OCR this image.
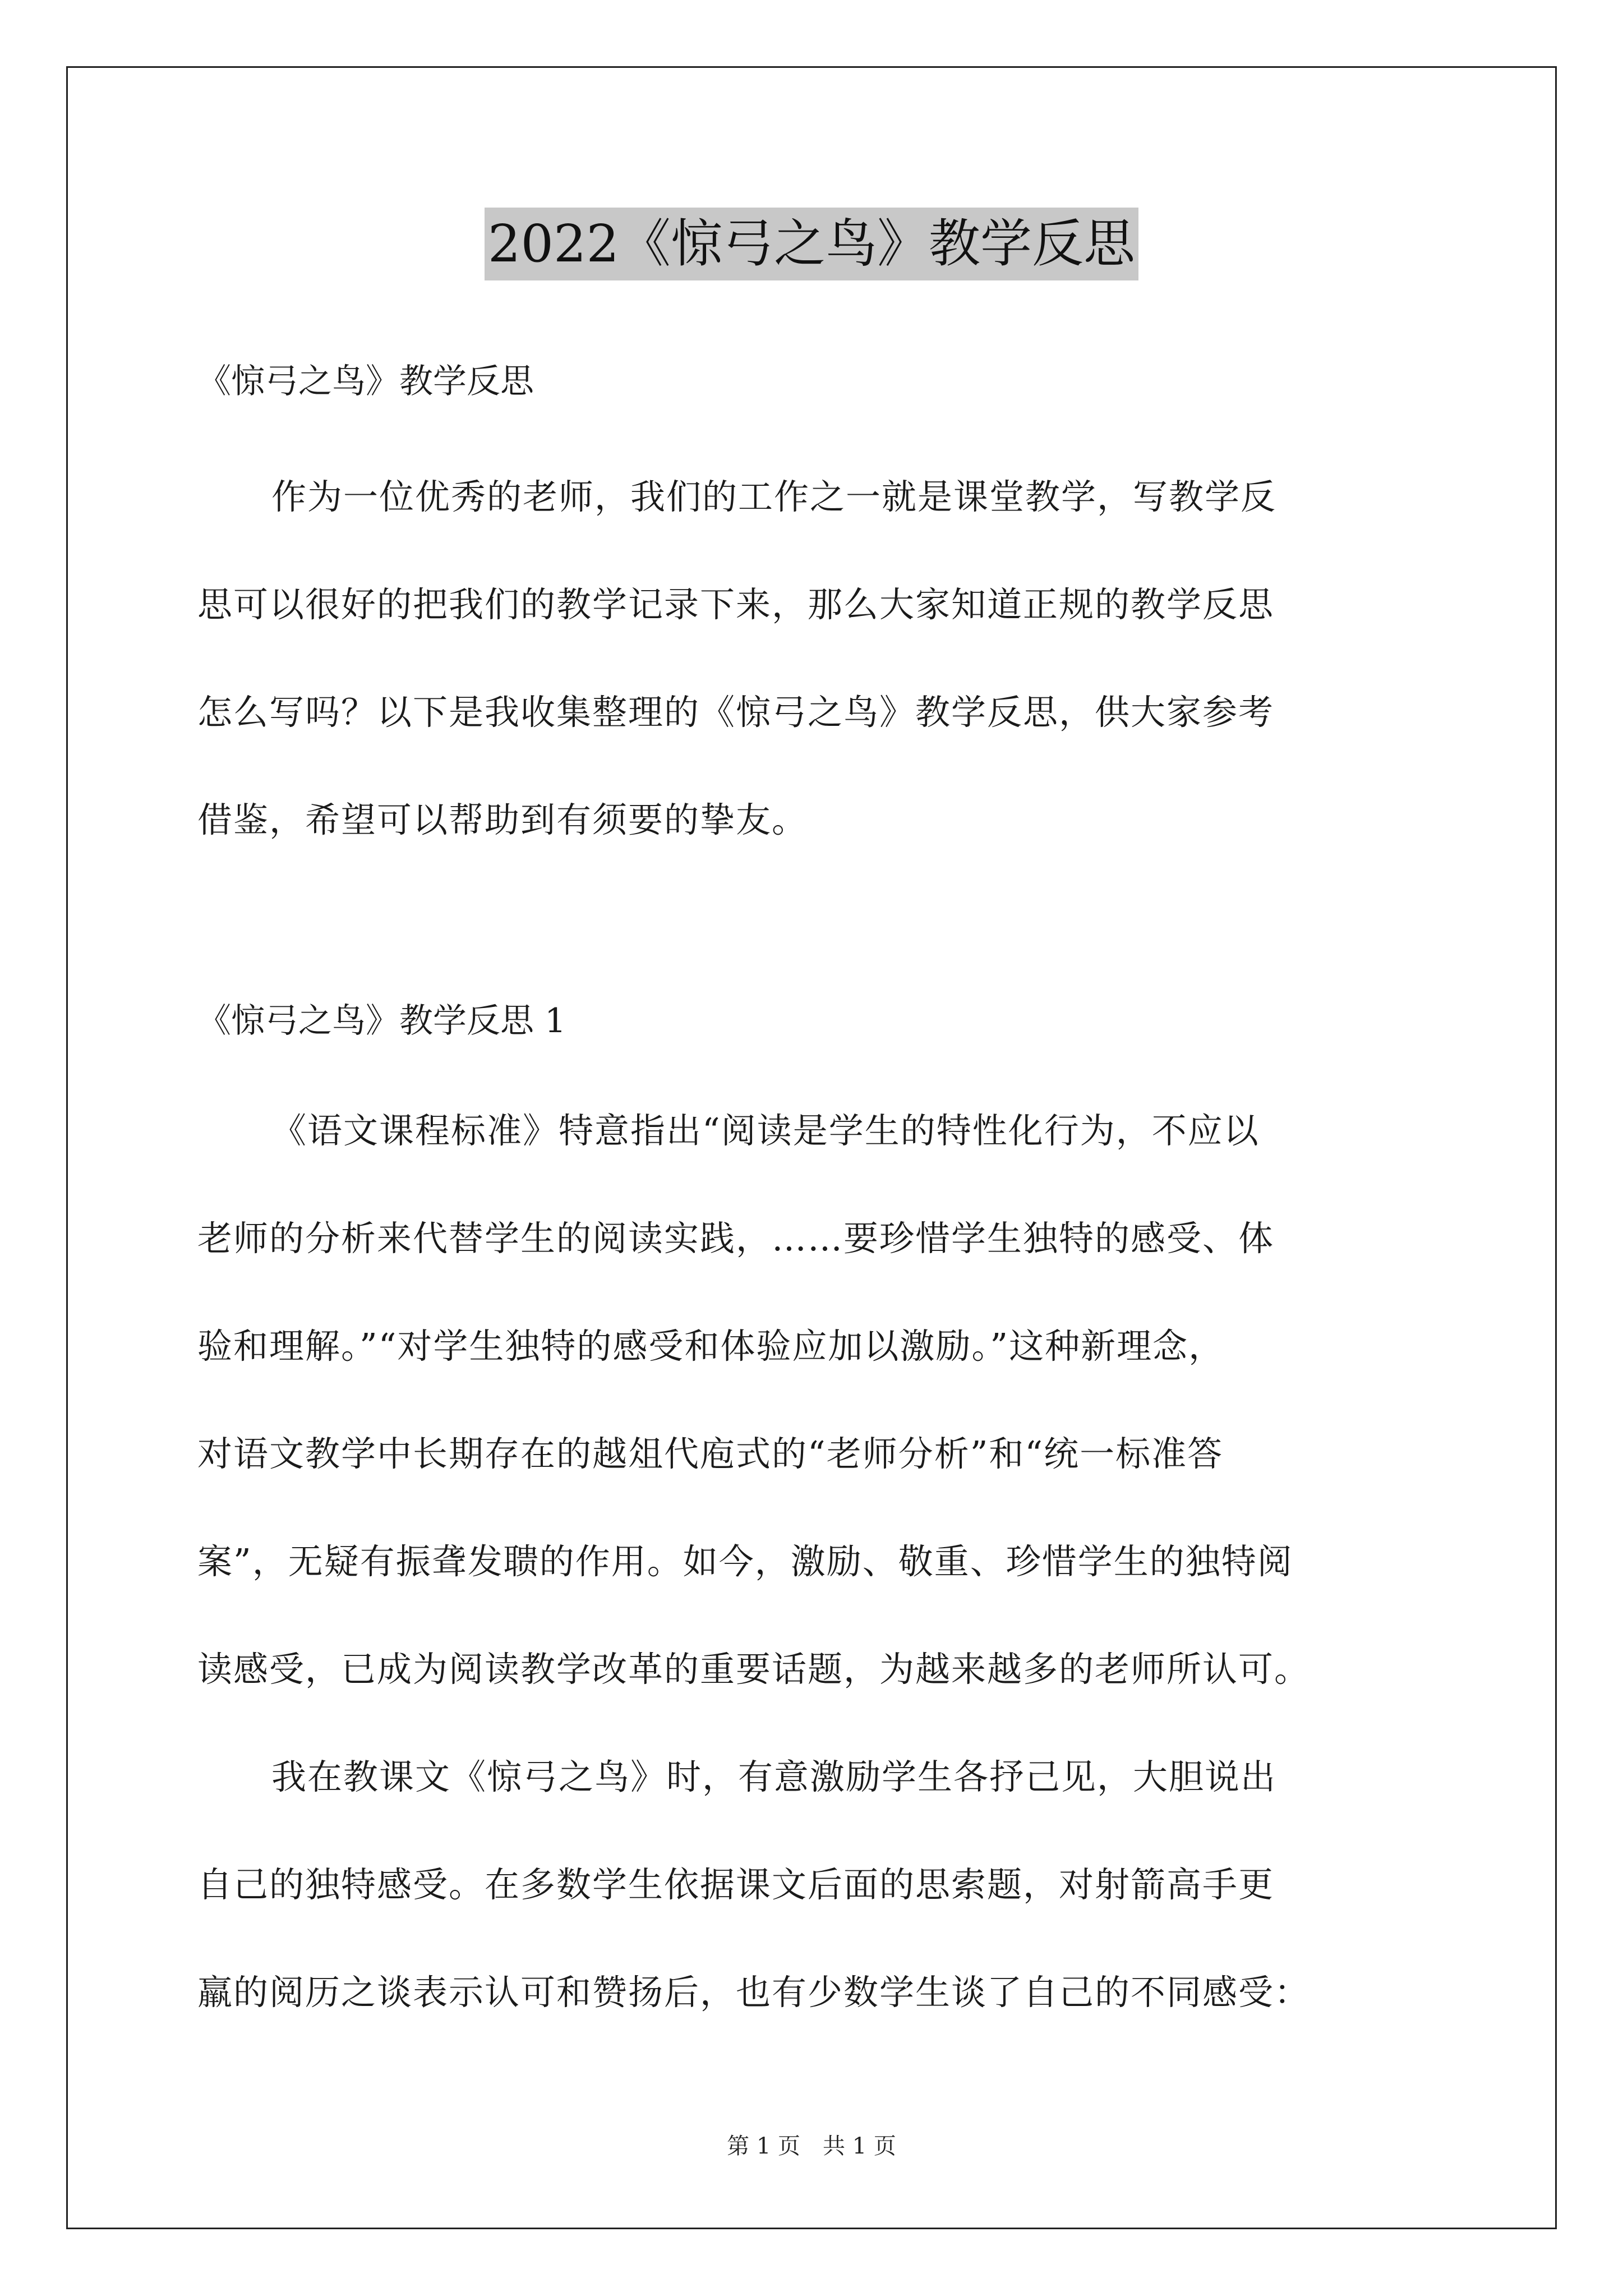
2022《惊弓之鸟》教学反思
《惊弓之鸟》教学反思
作为一位优秀的老师，我们的工作之一就是课堂教学，写教学反
思可以很好的把我们的教学记录下来，那么大家知道正规的教学反思
怎么写吗？以下是我收集整理的《惊弓之鸟》教学反思，供大家参考
借鉴，希望可以帮助到有须要的挚友。
《惊弓之鸟》教学反思 1
《语文课程标准》特意指出“阅读是学生的特性化行为，不应以
老师的分析来代替学生的阅读实践，……要珍惜学生独特的感受、体
验和理解。”“对学生独特的感受和体验应加以激励。”这种新理念，
对语文教学中长期存在的越俎代庖式的“老师分析”和“统一标准答
案”，无疑有振聋发聩的作用。如今，激励、敬重、珍惜学生的独特阅
读感受，已成为阅读教学改革的重要话题，为越来越多的老师所认可。
我在教课文《惊弓之鸟》时，有意激励学生各抒己见，大胆说出
自己的独特感受。在多数学生依据课文后面的思索题，对射箭高手更
羸的阅历之谈表示认可和赞扬后，也有少数学生谈了自己的不同感受：
第 1 页　共 1 页
